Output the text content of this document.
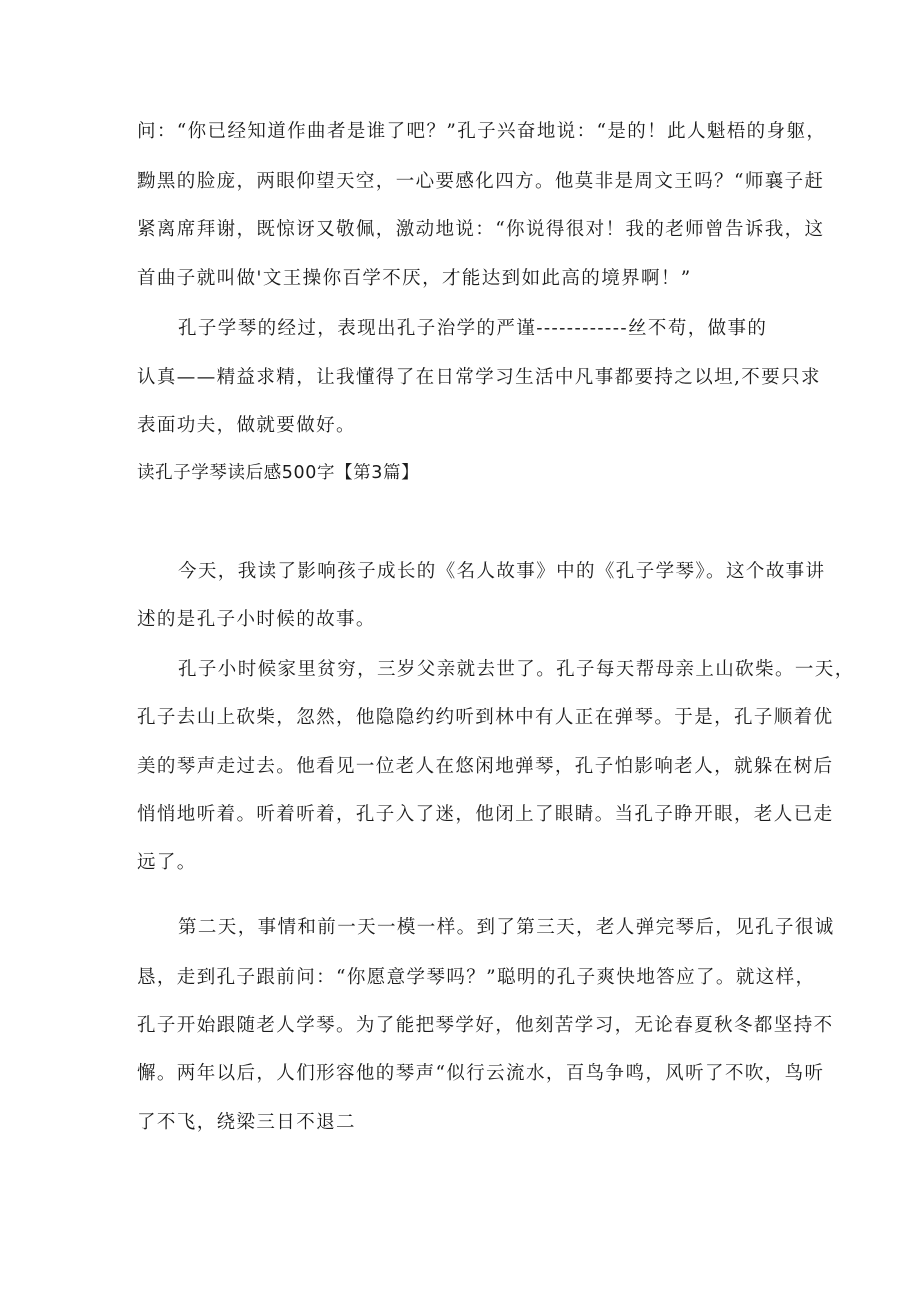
问：“你已经知道作曲者是谁了吧？”孔子兴奋地说：“是的！此人魁梧的身躯，
黝黑的脸庞，两眼仰望天空，一心要感化四方。他莫非是周文王吗？“师襄子赶
紧离席拜谢，既惊讶又敬佩，激动地说：“你说得很对！我的老师曾告诉我，这
首曲子就叫做'文王操你百学不厌，才能达到如此高的境界啊！”
孔子学琴的经过，表现出孔子治学的严谨------------丝不苟，做事的
认真——精益求精，让我懂得了在日常学习生活中凡事都要持之以坦,不要只求
表面功夫，做就要做好。
读孔子学琴读后感500字【第3篇】
今天，我读了影响孩子成长的《名人故事》中的《孔子学琴》。这个故事讲
述的是孔子小时候的故事。
孔子小时候家里贫穷，三岁父亲就去世了。孔子每天帮母亲上山砍柴。一天，
孔子去山上砍柴，忽然，他隐隐约约听到林中有人正在弹琴。于是，孔子顺着优
美的琴声走过去。他看见一位老人在悠闲地弹琴，孔子怕影响老人，就躲在树后
悄悄地听着。听着听着，孔子入了迷，他闭上了眼睛。当孔子睁开眼，老人已走
远了。
第二天，事情和前一天一模一样。到了第三天，老人弹完琴后，见孔子很诚
恳，走到孔子跟前问：“你愿意学琴吗？”聪明的孔子爽快地答应了。就这样，
孔子开始跟随老人学琴。为了能把琴学好，他刻苦学习，无论春夏秋冬都坚持不
懈。两年以后，人们形容他的琴声“似行云流水，百鸟争鸣，风听了不吹，鸟听
了不飞，绕梁三日不退二
